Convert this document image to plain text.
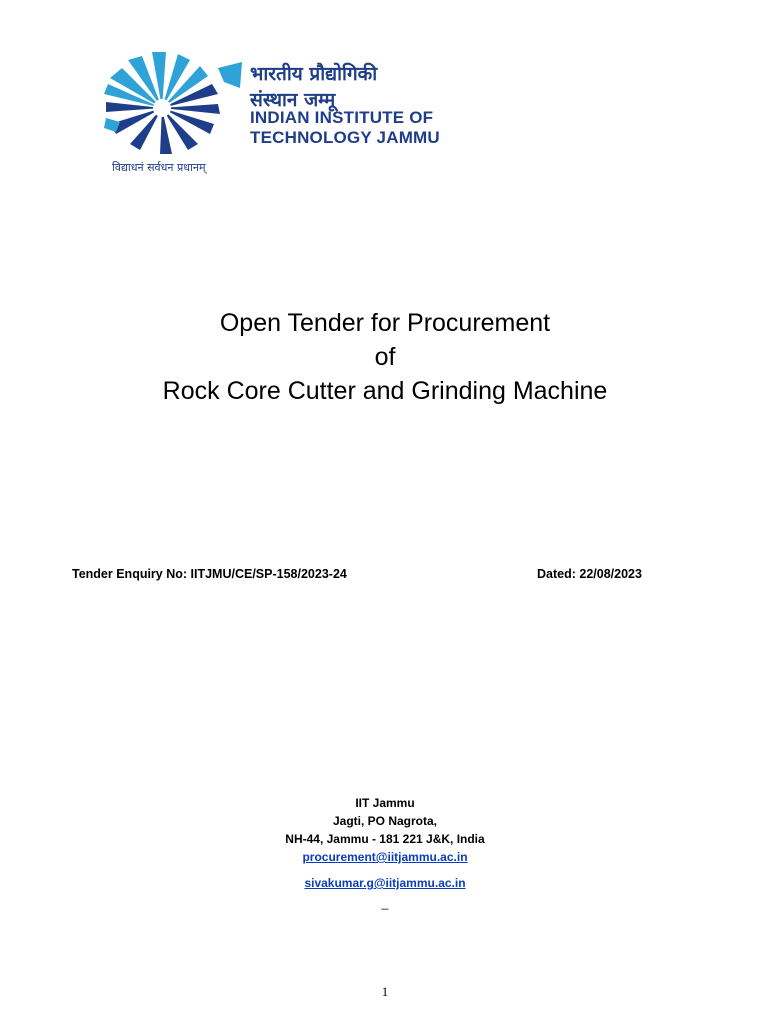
भारतीय प्रौद्योगिकी
संस्थान जम्मू
INDIAN INSTITUTE OF
TECHNOLOGY JAMMU
विद्याधनं सर्वधन प्रधानम्
Open Tender for Procurement
of
Rock Core Cutter and Grinding Machine
Tender Enquiry No: IITJMU/CE/SP-158/2023-24	Dated: 22/08/2023
IIT Jammu
Jagti, PO Nagrota,
NH-44, Jammu - 181 221 J&K, India
procurement@iitjammu.ac.in
sivakumar.g@iitjammu.ac.in
_
1
